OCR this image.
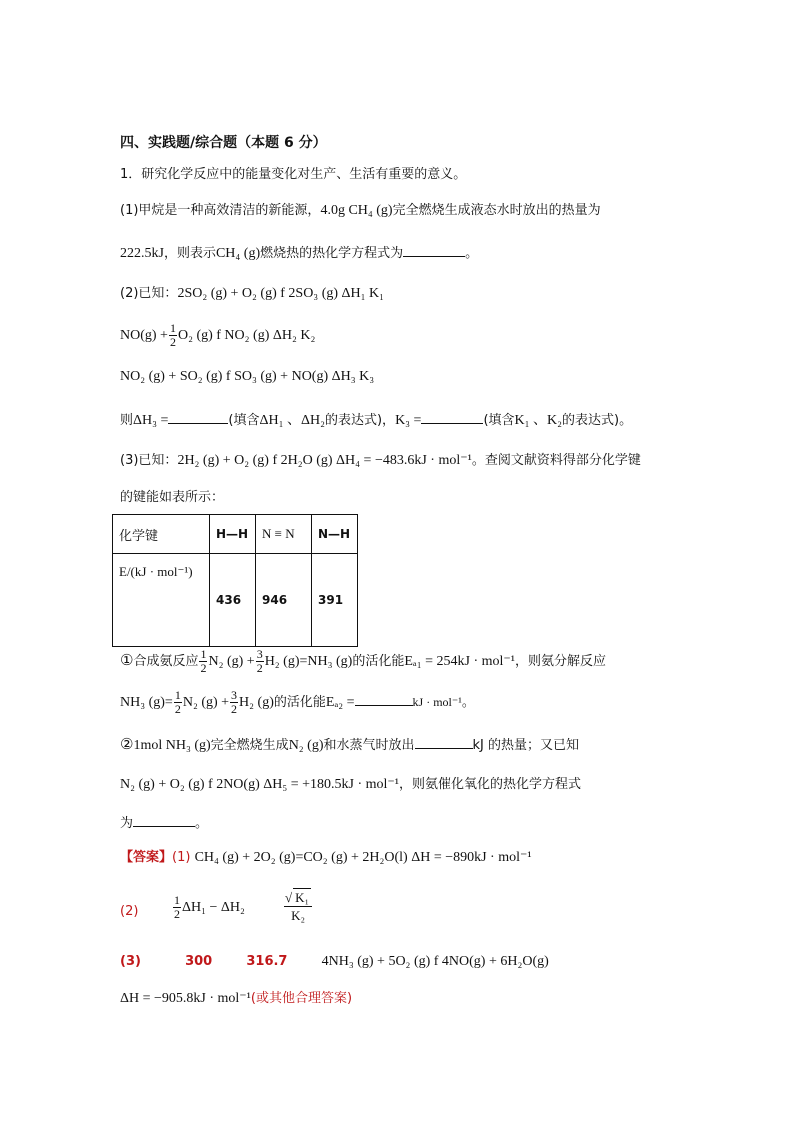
四、实践题/综合题（本题 6 分）
1．研究化学反应中的能量变化对生产、生活有重要的意义。
(1)甲烷是一种高效清洁的新能源，4.0g CH₄ (g)完全燃烧生成液态水时放出的热量为
222.5kJ，则表示CH₄ (g)燃烧热的热化学方程式为	。
(2)已知：2SO₂ (g) + O₂ (g) f 2SO₃ (g) ΔH₁ K₁
$NO(g) + \frac{1}{2} O_2$ (g) f NO₂ (g) ΔH₂ K₂
NO₂ (g) + SO₂ (g) f SO₃ (g) + NO(g) ΔH₃ K₃
则ΔH₃ =	(填含ΔH₁ 、ΔH₂的表达式)，K₃ =	(填含K₁ 、K₂的表达式)。
(3)已知：2H₂ (g) + O₂ (g) f 2H₂O (g) ΔH₄ = −483.6kJ · mol⁻¹。查阅文献资料得部分化学键
的键能如表所示：
化学键	H—H	N ≡ N	N—H
E/(kJ · mol⁻¹)	436	946	391
①合成氨反应 $\frac{1}{2} N_2$ $(g) + \frac{3}{2} H_2$ (g)=NH₃ (g)的活化能Eₐ₁ = 254kJ · mol⁻¹，则氨分解反应
NH₃ $(g)= \frac{1}{2} N_2$ $(g) + \frac{3}{2} H_2$ (g)的活化能Eₐ₂ =	kJ · mol⁻¹。
②1mol NH₃ (g)完全燃烧生成N₂ (g)和水蒸气时放出	kJ 的热量；又已知
N₂ (g) + O₂ (g) f 2NO(g) ΔH₅ = +180.5kJ · mol⁻¹，则氨催化氧化的热化学方程式
为	。
【答案】(1) CH₄ (g) + 2O₂ (g)=CO₂ (g) + 2H₂O(l) ΔH = −890kJ · mol⁻¹
(2)	$\frac{1}{2} \Delta H_1 - \Delta H_2$	$\frac{\text{√ K₁}}{\text{K₂}}$
(3)	300	316.7 4NH₃ (g) + 5O₂ (g) f 4NO(g) + 6H₂O(g)
ΔH = −905.8kJ · mol⁻¹(或其他合理答案)
